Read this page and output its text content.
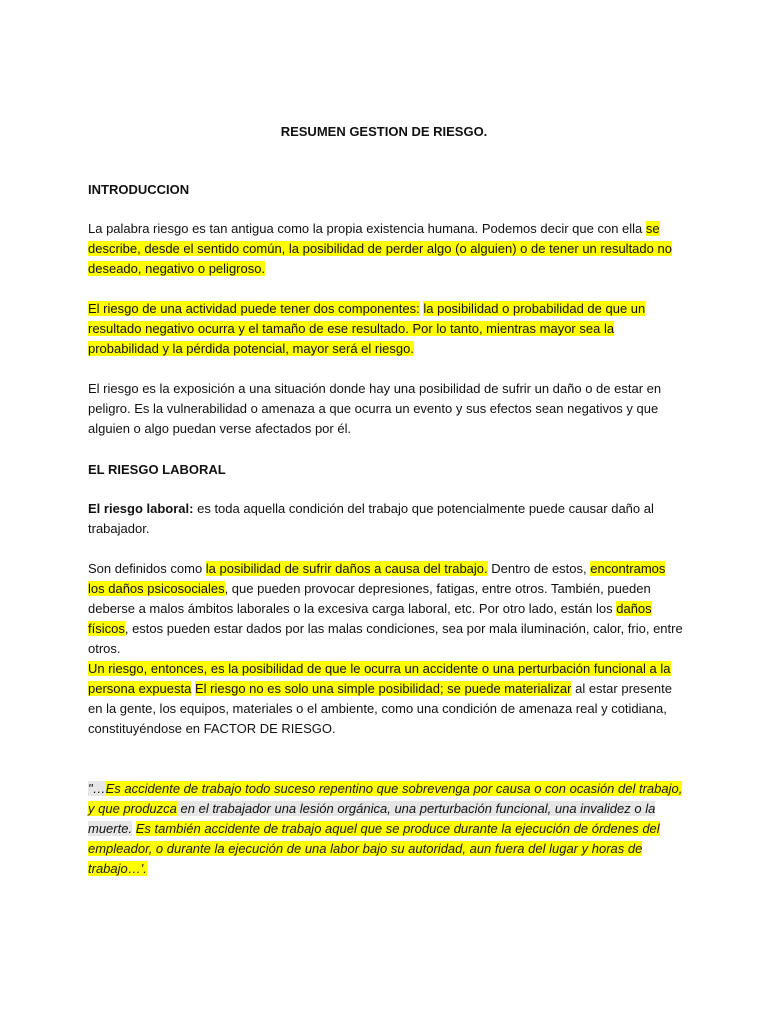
RESUMEN GESTION DE RIESGO.
INTRODUCCION
La palabra riesgo es tan antigua como la propia existencia humana. Podemos decir que con ella se describe, desde el sentido común, la posibilidad de perder algo (o alguien) o de tener un resultado no deseado, negativo o peligroso.
El riesgo de una actividad puede tener dos componentes: la posibilidad o probabilidad de que un resultado negativo ocurra y el tamaño de ese resultado. Por lo tanto, mientras mayor sea la probabilidad y la pérdida potencial, mayor será el riesgo.
El riesgo es la exposición a una situación donde hay una posibilidad de sufrir un daño o de estar en peligro. Es la vulnerabilidad o amenaza a que ocurra un evento y sus efectos sean negativos y que alguien o algo puedan verse afectados por él.
EL RIESGO LABORAL
El riesgo laboral: es toda aquella condición del trabajo que potencialmente puede causar daño al trabajador.
Son definidos como la posibilidad de sufrir daños a causa del trabajo. Dentro de estos, encontramos los daños psicosociales, que pueden provocar depresiones, fatigas, entre otros. También, pueden deberse a malos ámbitos laborales o la excesiva carga laboral, etc. Por otro lado, están los daños físicos, estos pueden estar dados por las malas condiciones, sea por mala iluminación, calor, frio, entre otros.
Un riesgo, entonces, es la posibilidad de que le ocurra un accidente o una perturbación funcional a la persona expuesta El riesgo no es solo una simple posibilidad; se puede materializar al estar presente en la gente, los equipos, materiales o el ambiente, como una condición de amenaza real y cotidiana, constituyéndose en FACTOR DE RIESGO.
"…Es accidente de trabajo todo suceso repentino que sobrevenga por causa o con ocasión del trabajo, y que produzca en el trabajador una lesión orgánica, una perturbación funcional, una invalidez o la muerte. Es también accidente de trabajo aquel que se produce durante la ejecución de órdenes del empleador, o durante la ejecución de una labor bajo su autoridad, aun fuera del lugar y horas de trabajo…'.
